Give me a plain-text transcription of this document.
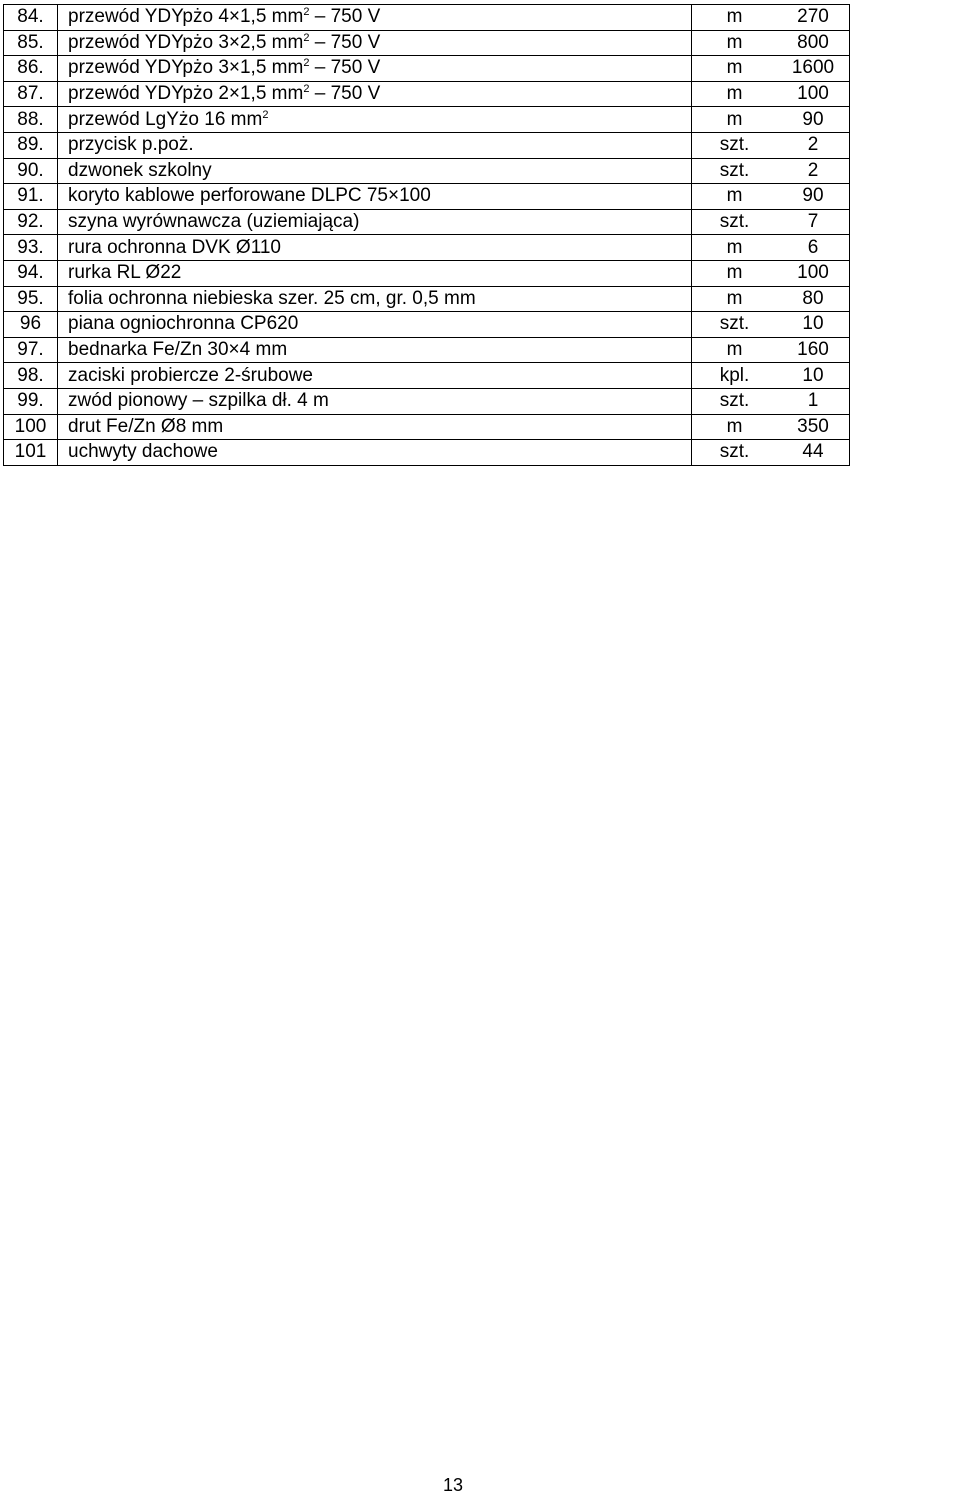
84.	przewód YDYpżo 4×1,5 $mm^2 - 750$ V	m	270
85.	przewód YDYpżo 3×2,5 $mm^2 - 750$ V	m	800
86.	przewód YDYpżo 3×1,5 $mm^2 - 750$ V	m	1600
87.	przewód YDYpżo 2×1,5 $mm^2 - 750$ V	m	100
88.	przewód LgYżo 16 $mm^2$	m	90
89.	przycisk p.poż.	szt.	2
90.	dzwonek szkolny	szt.	2
91.	koryto kablowe perforowane DLPC 75×100	m	90
92.	szyna wyrównawcza (uziemiająca)	szt.	7
93.	rura ochronna DVK Ø110	m	6
94.	rurka RL Ø22	m	100
95.	folia ochronna niebieska szer. 25 cm, gr. 0,5 mm	m	80
96	piana ogniochronna CP620	szt.	10
97.	bednarka Fe/Zn 30×4 mm	m	160
98.	zaciski probiercze 2-śrubowe	kpl.	10
99.	zwód pionowy – szpilka dł. 4 m	szt.	1
100	drut Fe/Zn Ø8 mm	m	350
101	uchwyty dachowe	szt.	44
13
